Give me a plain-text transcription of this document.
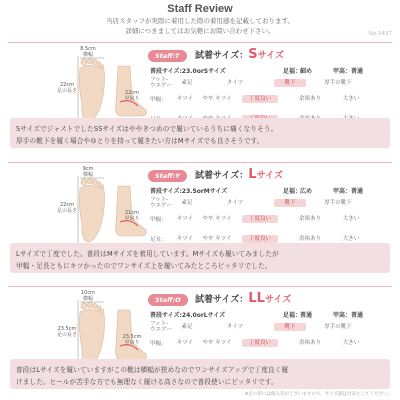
Staff Review
当店スタッフが実際に着用した際の着用感を記載しております。
詳細につきましてはお気軽にお問い合わせ下さい。	No.5437
8.5cm
横幅
22cm
足の長さ	22cm
甲回り
Staff:T	試着サイズ：Sサイズ
普段サイズ:23.0orSサイズ	足福：
細め	甲高： 普通
フット-
ウエアー	素足	タイツ	靴下	厚手の靴下
甲幅：	キツイ	やや キツイ	丁度良い	余裕あり	大きい

SサイズでジャストでしたSSサイズはややきつめので履いているうちに痛くなりそう。

厚手の靴下を履く場合やゆとりを持って履きたい方はMサイズでも良さそうです。

9cm
横幅
22cm
足の長さ	21cm
甲回り
Staff:Y	試着サイズ：Lサイズ
普段サイズ:23.5orMサイズ	足福：
広め	甲高： 普通
フット-
ウエアー	素足	タイツ	靴下	厚手の靴下
甲幅：	キツイ	やや キツイ	丁度良い	余裕あり	大きい
足長：	キツイ	やや キツイ	丁度良い	余裕あり	大きい

Lサイズで丁度でした。普段はMサイズを着用しています。Mサイズも履いてみましたが

甲幅・足長ともにキツかったのでワンサイズ上を履いてみたところピッタリでした。

10cm
横幅
23.5cm
足の長さ	23.5cm
甲回り
Staff:O	試着サイズ：LLサイズ
普段サイズ:24.0orLサイズ	足福：
普通	甲高： 普通
フット-
ウエアー	素足	タイツ	靴下	厚手の靴下
甲幅：	キツイ	やや キツイ	丁度良い	余裕あり	大きい

普段はLサイズを履いていますがこの靴は横幅が狭めなのでワンサイズアップで丁度良く履

けました。ヒールが苦手な方でも無理なく履ける高さなので普段使いにピッタリです。

※足の形には個人差がございますので、サイズ感は目安としてください。
